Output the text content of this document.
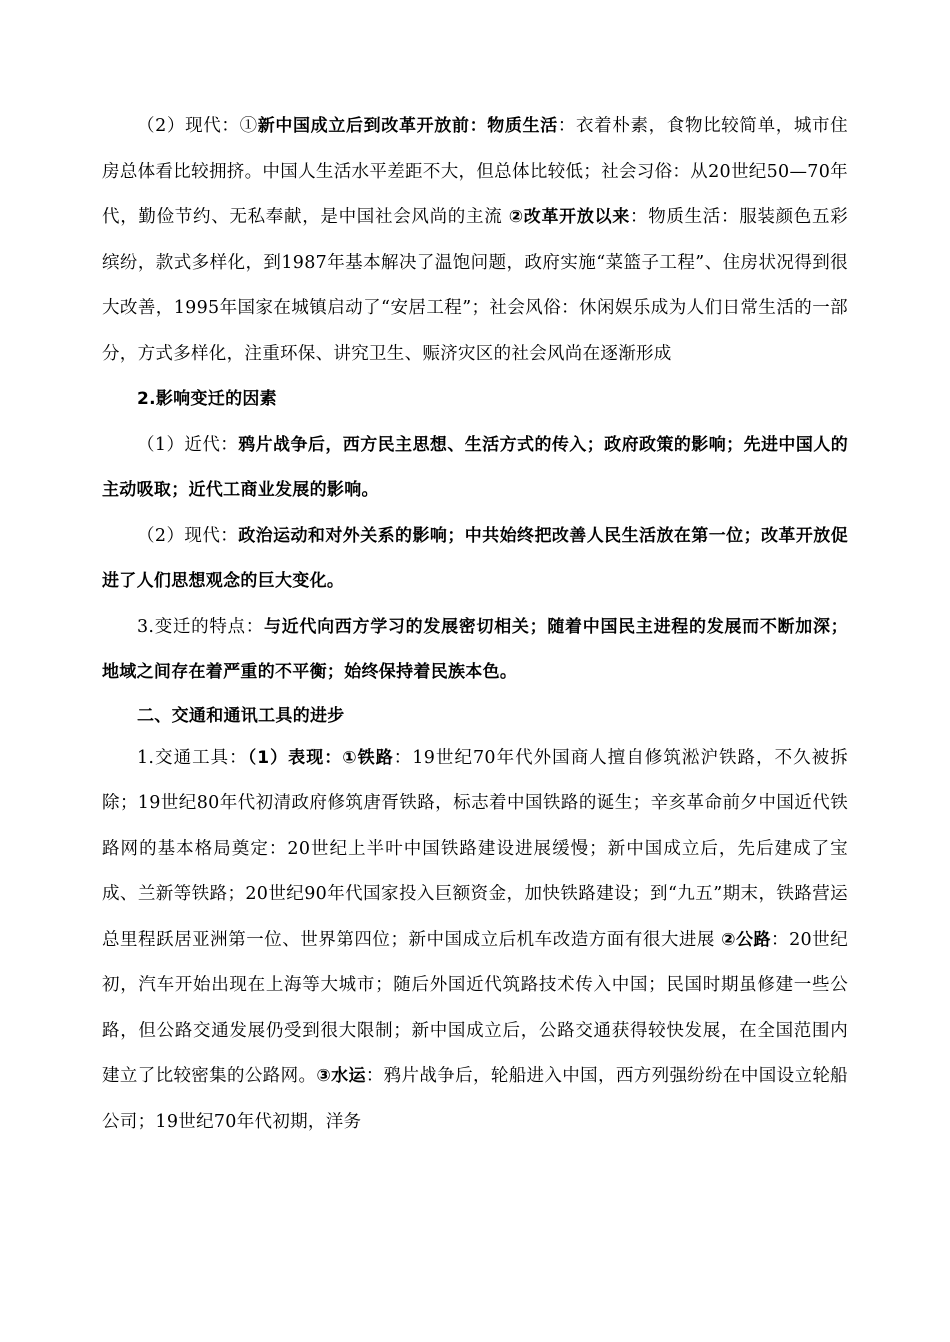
（2）现代：①新中国成立后到改革开放前：物质生活：衣着朴素，食物比较简单，城市住房总体看比较拥挤。中国人生活水平差距不大，但总体比较低；社会习俗：从20世纪50—70年代，勤俭节约、无私奉献，是中国社会风尚的主流 ②改革开放以来：物质生活：服装颜色五彩缤纷，款式多样化，到1987年基本解决了温饱问题，政府实施“菜篮子工程”、住房状况得到很大改善，1995年国家在城镇启动了“安居工程”；社会风俗：休闲娱乐成为人们日常生活的一部分，方式多样化，注重环保、讲究卫生、赈济灾区的社会风尚在逐渐形成

2.影响变迁的因素

（1）近代：鸦片战争后，西方民主思想、生活方式的传入；政府政策的影响；先进中国人的主动吸取；近代工商业发展的影响。

（2）现代：政治运动和对外关系的影响；中共始终把改善人民生活放在第一位；改革开放促进了人们思想观念的巨大变化。

3.变迁的特点：与近代向西方学习的发展密切相关；随着中国民主进程的发展而不断加深；地域之间存在着严重的不平衡；始终保持着民族本色。

二、交通和通讯工具的进步

1.交通工具：（1）表现：①铁路：19世纪70年代外国商人擅自修筑淞沪铁路，不久被拆除；19世纪80年代初清政府修筑唐胥铁路，标志着中国铁路的诞生；辛亥革命前夕中国近代铁路网的基本格局奠定：20世纪上半叶中国铁路建设进展缓慢；新中国成立后，先后建成了宝成、兰新等铁路；20世纪90年代国家投入巨额资金，加快铁路建设；到“九五”期末，铁路营运总里程跃居亚洲第一位、世界第四位；新中国成立后机车改造方面有很大进展 ②公路：20世纪初，汽车开始出现在上海等大城市；随后外国近代筑路技术传入中国；民国时期虽修建一些公路，但公路交通发展仍受到很大限制；新中国成立后，公路交通获得较快发展，在全国范围内建立了比较密集的公路网。③水运：鸦片战争后，轮船进入中国，西方列强纷纷在中国设立轮船公司；19世纪70年代初期，洋务
